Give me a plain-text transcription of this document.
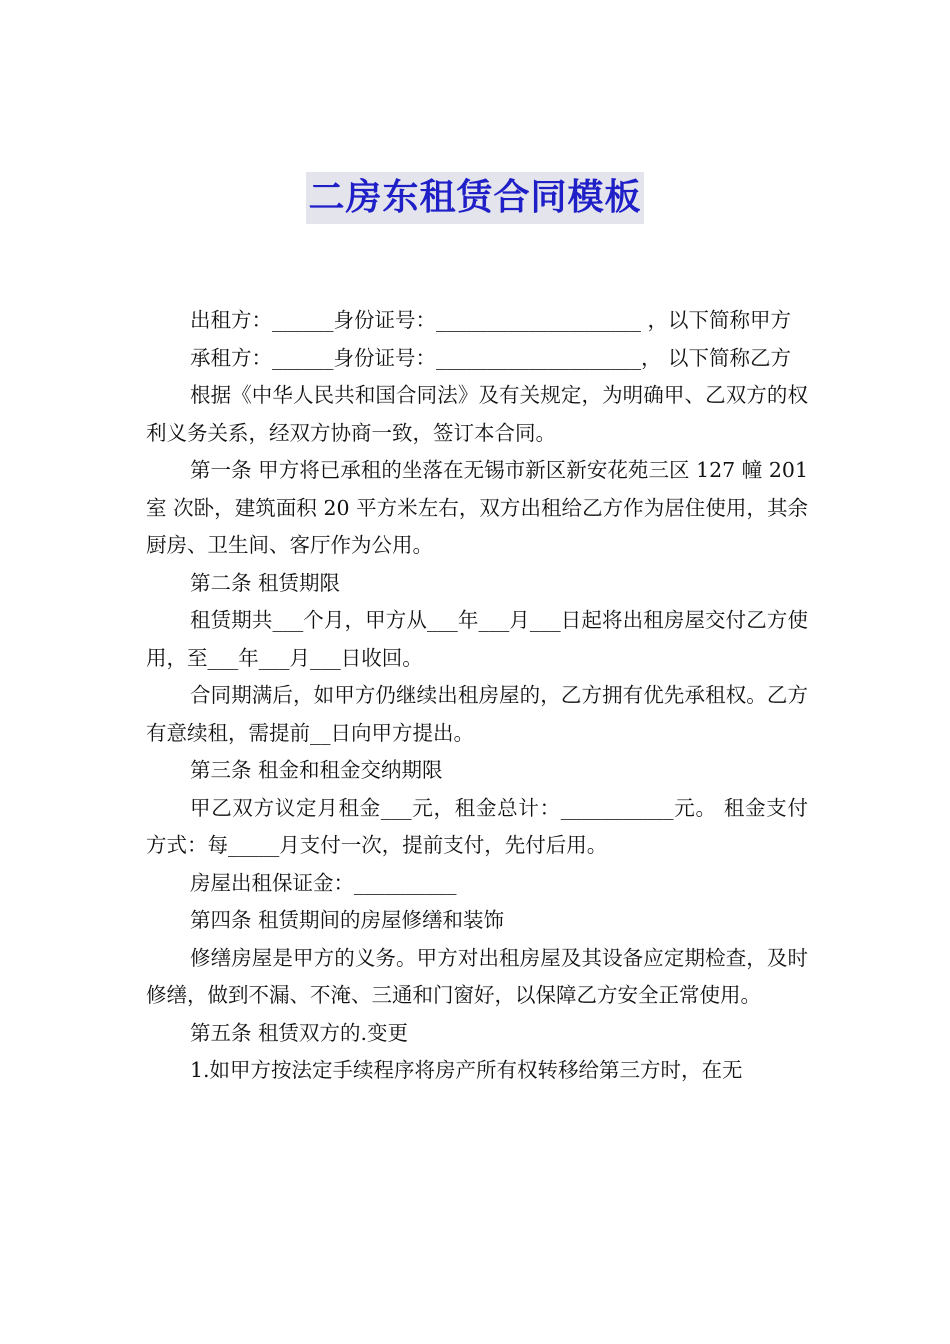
二房东租赁合同模板

出租方：______身份证号：____________________ ，以下简称甲方

承租方：______身份证号：____________________， 以下简称乙方

根据《中华人民共和国合同法》及有关规定，为明确甲、乙双方的权利义务关系，经双方协商一致，签订本合同。

第一条 甲方将已承租的坐落在无锡市新区新安花苑三区 127 幢 201 室 次卧，建筑面积 20 平方米左右，双方出租给乙方作为居住使用，其余厨房、卫生间、客厅作为公用。

第二条 租赁期限

租赁期共___个月，甲方从___年___月___日起将出租房屋交付乙方使用，至___年___月___日收回。

合同期满后，如甲方仍继续出租房屋的，乙方拥有优先承租权。乙方有意续租，需提前__日向甲方提出。

第三条 租金和租金交纳期限

甲乙双方议定月租金___元，租金总计：___________元。 租金支付方式：每_____月支付一次，提前支付，先付后用。

房屋出租保证金：__________

第四条 租赁期间的房屋修缮和装饰

修缮房屋是甲方的义务。甲方对出租房屋及其设备应定期检查，及时修缮，做到不漏、不淹、三通和门窗好，以保障乙方安全正常使用。

第五条 租赁双方的.变更

1.如甲方按法定手续程序将房产所有权转移给第三方时，在无
